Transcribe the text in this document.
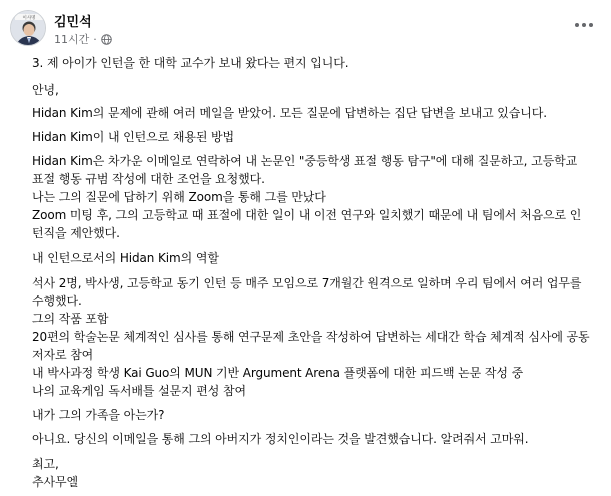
이사명 김민석
11시간 ·
3. 제 아이가 인턴을 한 대학 교수가 보내 왔다는 편지 입니다.
안녕,
Hidan Kim의 문제에 관해 여러 메일을 받았어. 모든 질문에 답변하는 집단 답변을 보내고 있습니다.
Hidan Kim이 내 인턴으로 채용된 방법
Hidan Kim은 차가운 이메일로 연락하여 내 논문인 "중등학생 표절 행동 탐구"에 대해 질문하고, 고등학교
표절 행동 규범 작성에 대한 조언을 요청했다.
나는 그의 질문에 답하기 위해 Zoom을 통해 그를 만났다
Zoom 미팅 후, 그의 고등학교 때 표절에 대한 일이 내 이전 연구와 일치했기 때문에 내 팀에서 처음으로 인
턴직을 제안했다.
내 인턴으로서의 Hidan Kim의 역할
석사 2명, 박사생, 고등학교 동기 인턴 등 매주 모임으로 7개월간 원격으로 일하며 우리 팀에서 여러 업무를
수행했다.
그의 작품 포함
20편의 학술논문 체계적인 심사를 통해 연구문제 초안을 작성하여 답변하는 세대간 학습 체계적 심사에 공동
저자로 참여
내 박사과정 학생 Kai Guo의 MUN 기반 Argument Arena 플랫폼에 대한 피드백 논문 작성 중
나의 교육게임 독서배틀 설문지 편성 참여
내가 그의 가족을 아는가?
아니요. 당신의 이메일을 통해 그의 아버지가 정치인이라는 것을 발견했습니다. 알려줘서 고마워.
최고,
추사무엘
